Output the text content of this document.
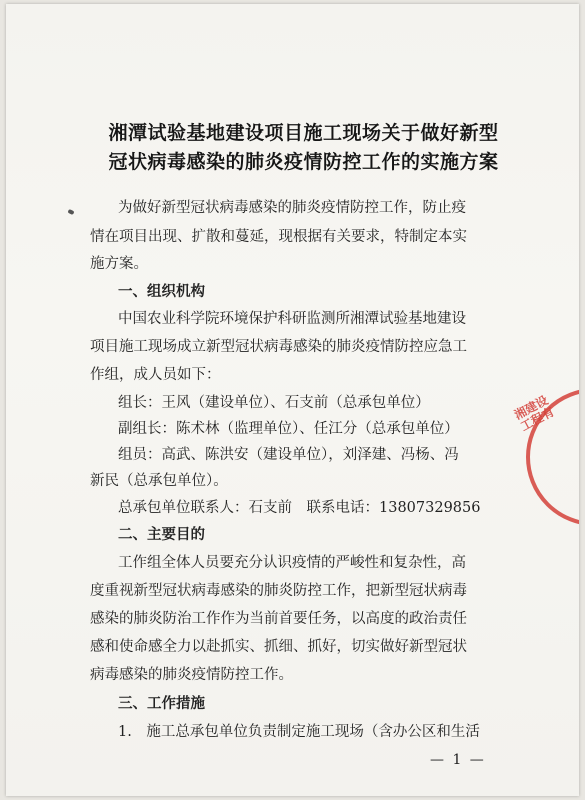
湘潭试验基地建设项目施工现场关于做好新型
冠状病毒感染的肺炎疫情防控工作的实施方案
为做好新型冠状病毒感染的肺炎疫情防控工作，防止疫
情在项目出现、扩散和蔓延，现根据有关要求，特制定本实
施方案。
一、组织机构
中国农业科学院环境保护科研监测所湘潭试验基地建设
项目施工现场成立新型冠状病毒感染的肺炎疫情防控应急工
作组，成人员如下：
组长：王风（建设单位）、石支前（总承包单位）
副组长：陈术林（监理单位）、任江分（总承包单位）
组员：高武、陈洪安（建设单位），刘泽建、冯杨、冯
新民（总承包单位）。
总承包单位联系人：石支前　联系电话：13807329856
二、主要目的
工作组全体人员要充分认识疫情的严峻性和复杂性，高
度重视新型冠状病毒感染的肺炎防控工作，把新型冠状病毒
感染的肺炎防治工作作为当前首要任务，以高度的政治责任
感和使命感全力以赴抓实、抓细、抓好，切实做好新型冠状
病毒感染的肺炎疫情防控工作。
三、工作措施
1.　施工总承包单位负责制定施工现场（含办公区和生活
— 1 —
湘建设工程有
